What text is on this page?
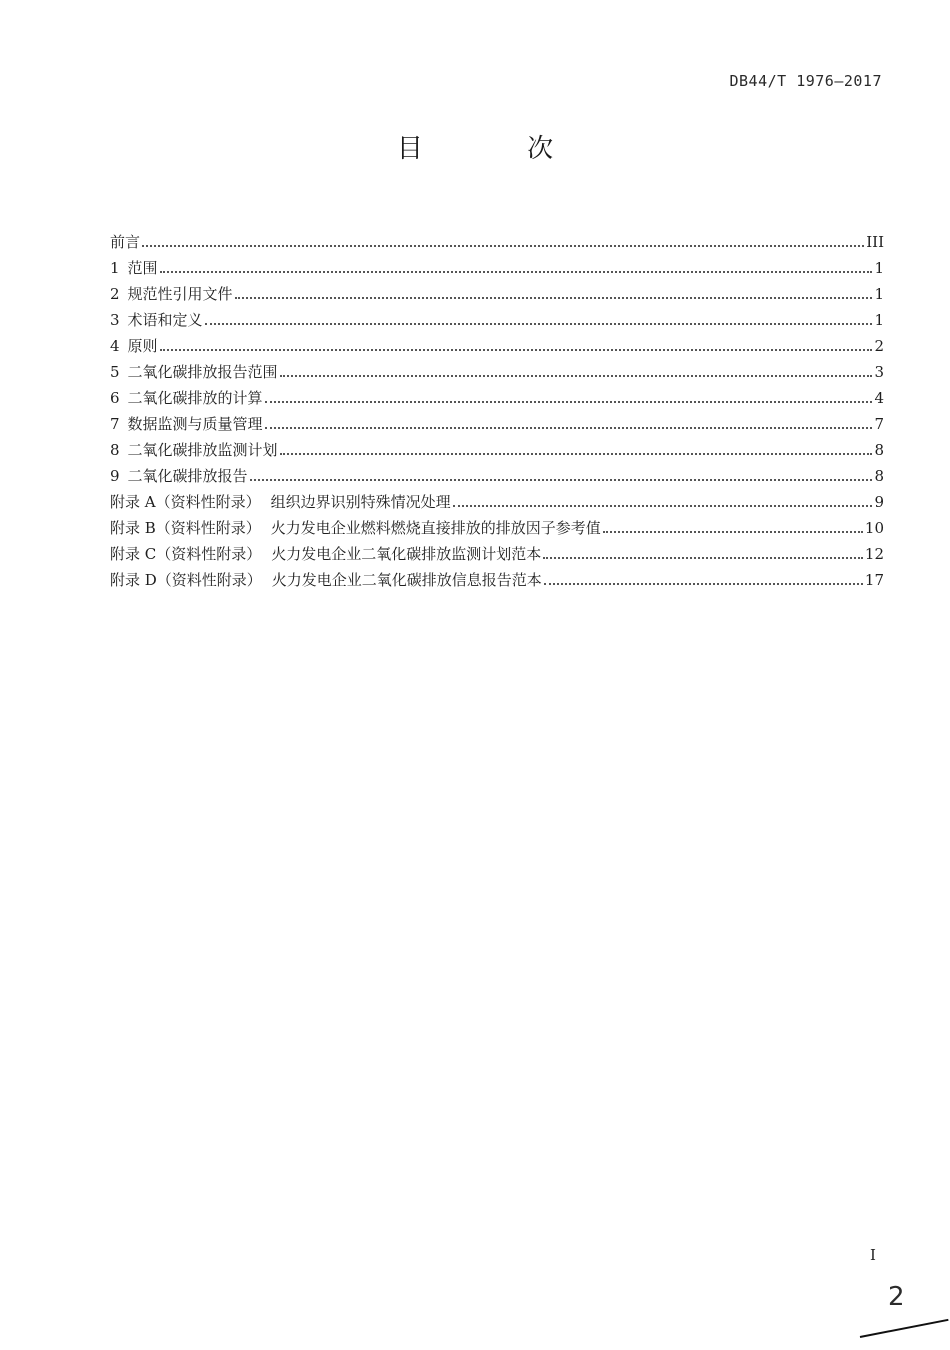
DB44/T 1976—2017
目 次
前言	III
1 范围	1
2 规范性引用文件	1
3 术语和定义	1
4 原则	2
5 二氧化碳排放报告范围	3
6 二氧化碳排放的计算	4
7 数据监测与质量管理	7
8 二氧化碳排放监测计划	8
9 二氧化碳排放报告	8
附录 A（资料性附录） 组织边界识别特殊情况处理	9
附录 B（资料性附录） 火力发电企业燃料燃烧直接排放的排放因子参考值	10
附录 C（资料性附录） 火力发电企业二氧化碳排放监测计划范本	12
附录 D（资料性附录） 火力发电企业二氧化碳排放信息报告范本	17
I
2
